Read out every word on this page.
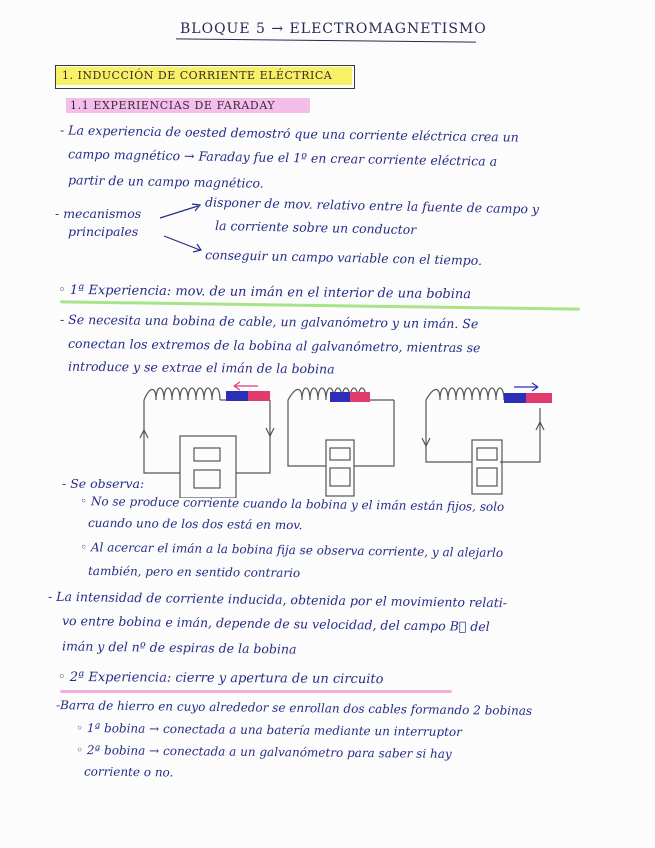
BLOQUE 5 → ELECTROMAGNETISMO
1. INDUCCIÓN DE CORRIENTE ELÉCTRICA
1.1 EXPERIENCIAS DE FARADAY
- La experiencia de oested demostró que una corriente eléctrica crea un
campo magnético → Faraday fue el 1º en crear corriente eléctrica a
partir de un campo magnético.
- mecanismos
principales
disponer de mov. relativo entre la fuente de campo y
la corriente sobre un conductor
conseguir un campo variable con el tiempo.
◦ 1ª Experiencia: mov. de un imán en el interior de una bobina
- Se necesita una bobina de cable, un galvanómetro y un imán. Se
conectan los extremos de la bobina al galvanómetro, mientras se
introduce y se extrae el imán de la bobina
- Se observa:
◦ No se produce corriente cuando la bobina y el imán están fijos, solo
cuando uno de los dos está en mov.
◦ Al acercar el imán a la bobina fija se observa corriente, y al alejarlo
también, pero en sentido contrario
- La intensidad de corriente inducida, obtenida por el movimiento relati-
vo entre bobina e imán, depende de su velocidad, del campo B⃗ del
imán y del nº de espiras de la bobina
◦ 2ª Experiencia: cierre y apertura de un circuito
-Barra de hierro en cuyo alrededor se enrollan dos cables formando 2 bobinas
◦ 1ª bobina → conectada a una batería mediante un interruptor
◦ 2ª bobina → conectada a un galvanómetro para saber si hay
corriente o no.
